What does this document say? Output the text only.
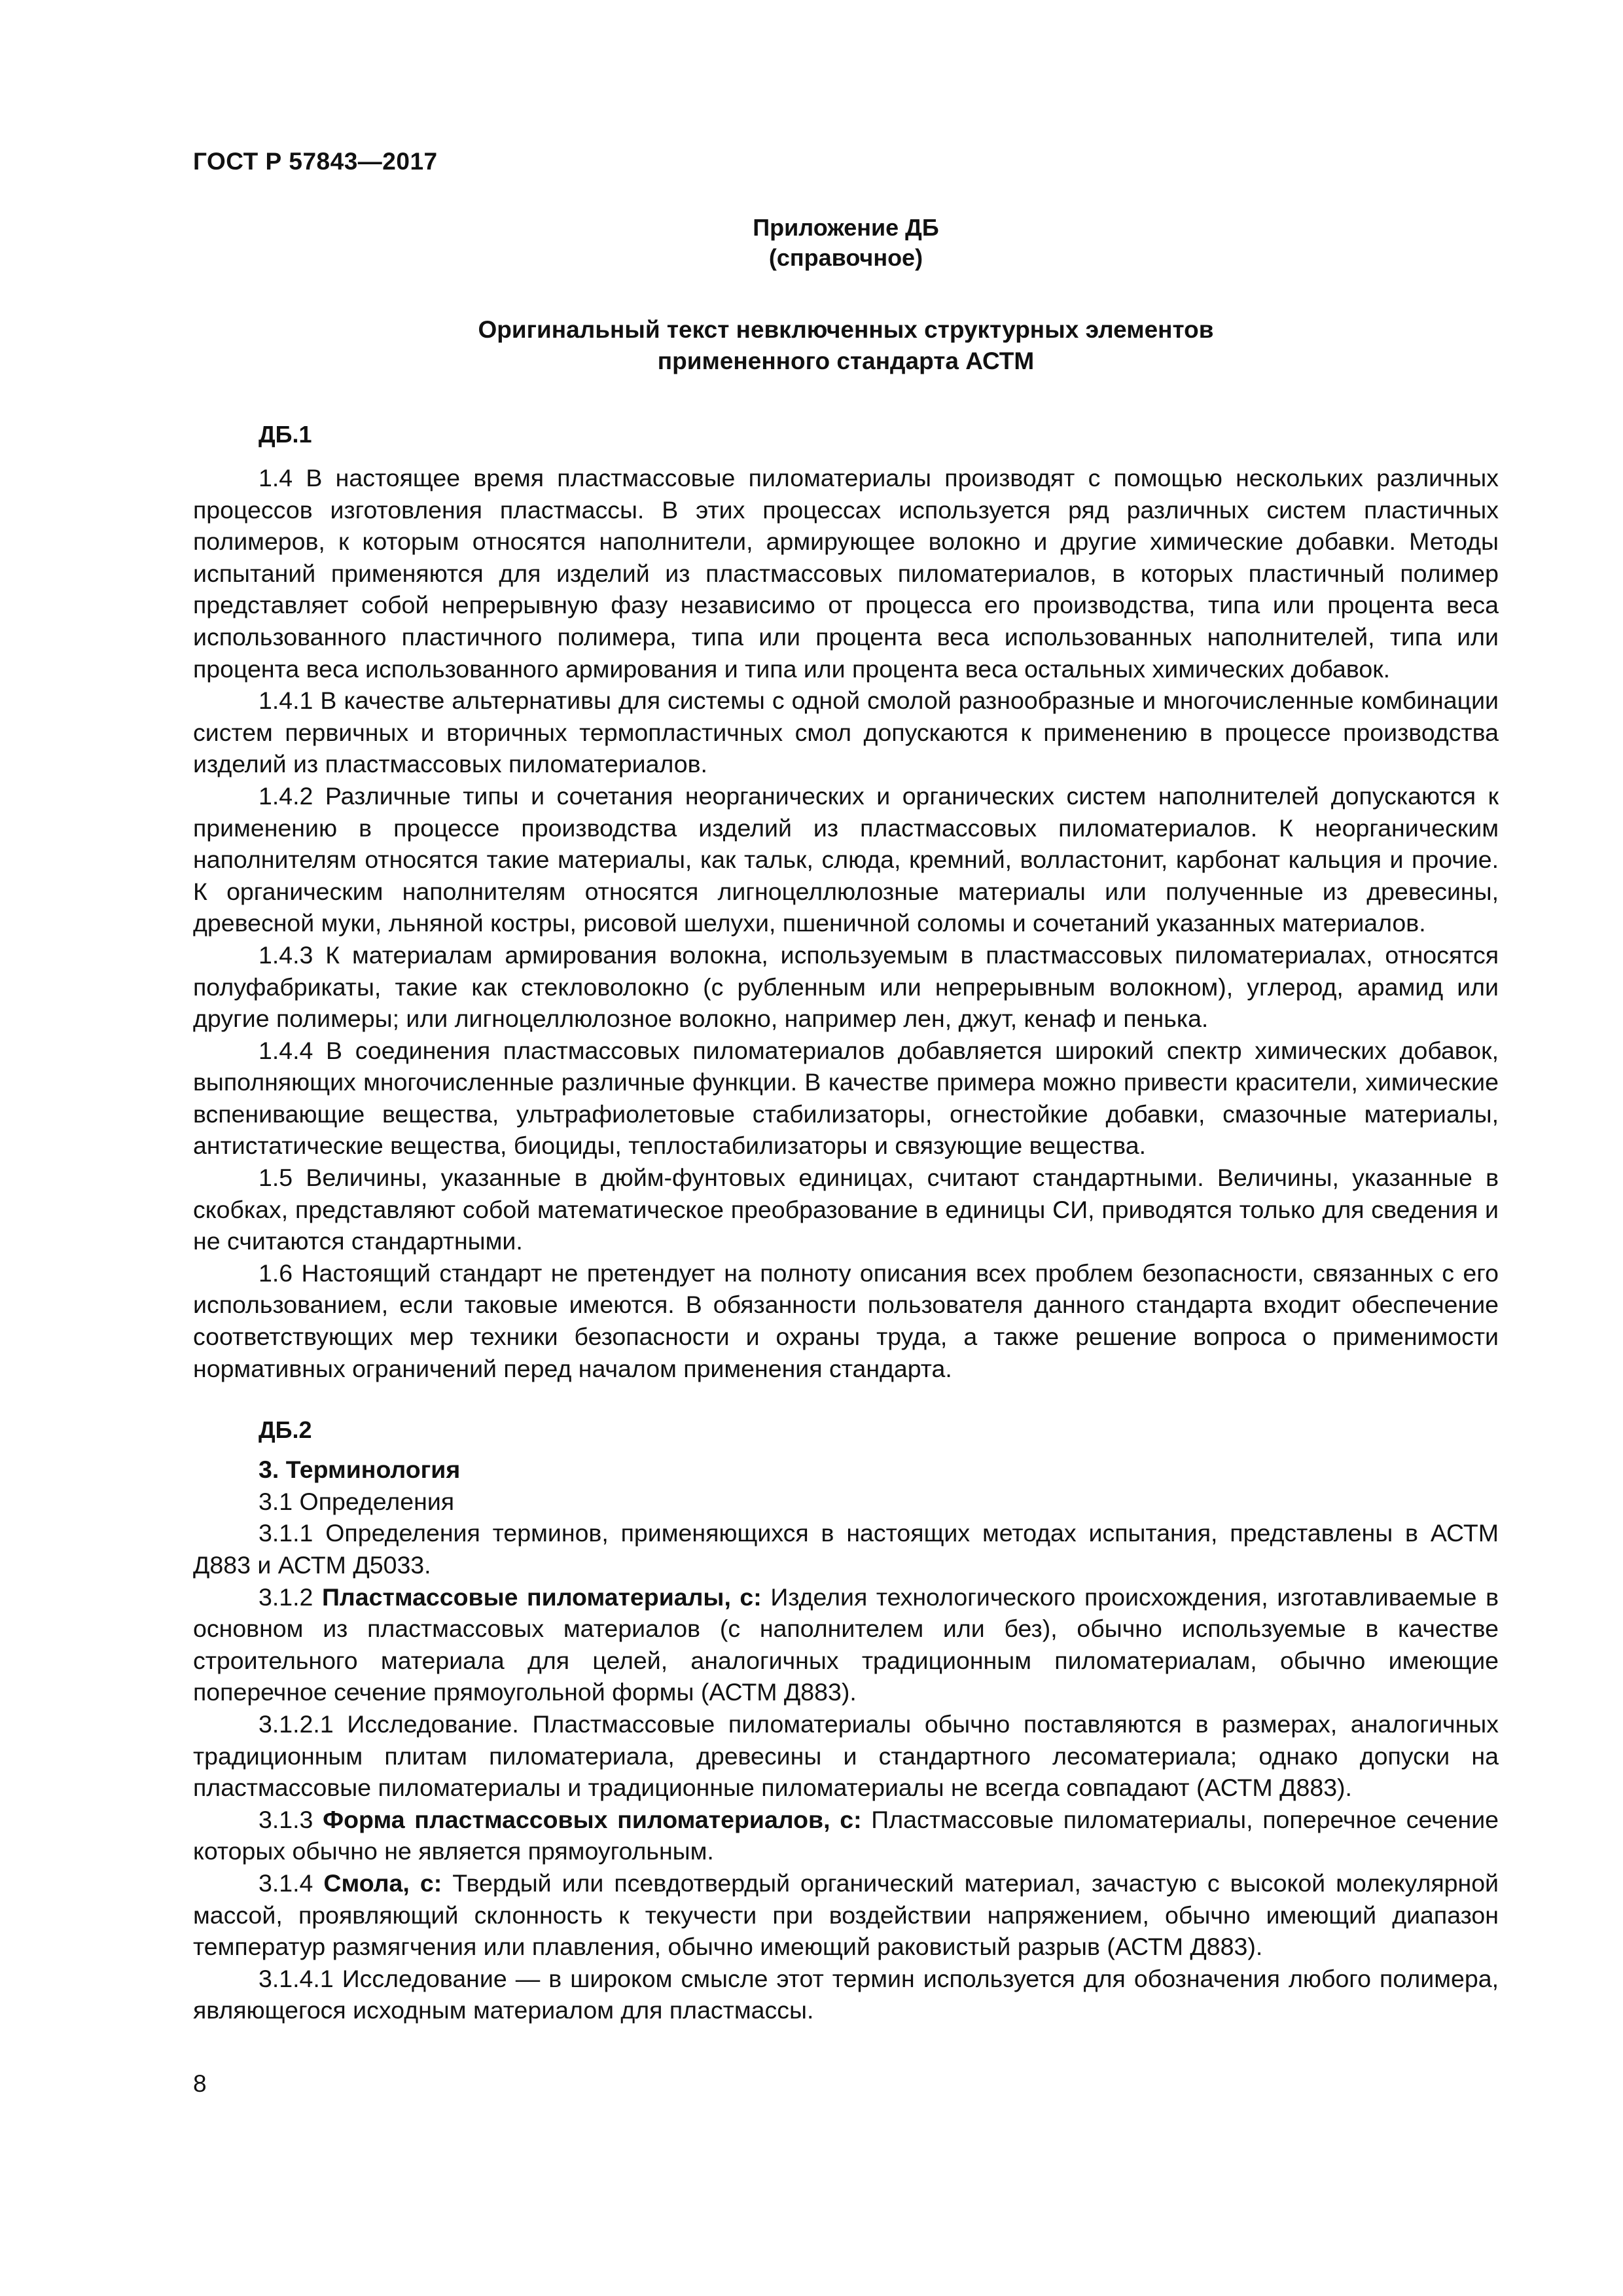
ГОСТ Р 57843—2017
Приложение ДБ
(справочное)
Оригинальный текст невключенных структурных элементов
примененного стандарта АСТМ
ДБ.1

1.4 В настоящее время пластмассовые пиломатериалы производят с помощью нескольких различных процессов изготовления пластмассы. В этих процессах используется ряд различных систем пластичных полимеров, к которым относятся наполнители, армирующее волокно и другие химические добавки. Методы испытаний применяются для изделий из пластмассовых пиломатериалов, в которых пластичный полимер представляет собой непрерывную фазу независимо от процесса его производства, типа или процента веса использованного пластичного полимера, типа или процента веса использованных наполнителей, типа или процента веса использованного армирования и типа или процента веса остальных химических добавок.

1.4.1 В качестве альтернативы для системы с одной смолой разнообразные и многочисленные комбинации систем первичных и вторичных термопластичных смол допускаются к применению в процессе производства изделий из пластмассовых пиломатериалов.

1.4.2 Различные типы и сочетания неорганических и органических систем наполнителей допускаются к применению в процессе производства изделий из пластмассовых пиломатериалов. К неорганическим наполнителям относятся такие материалы, как тальк, слюда, кремний, волластонит, карбонат кальция и прочие. К органическим наполнителям относятся лигноцеллюлозные материалы или полученные из древесины, древесной муки, льняной костры, рисовой шелухи, пшеничной соломы и сочетаний указанных материалов.

1.4.3 К материалам армирования волокна, используемым в пластмассовых пиломатериалах, относятся полуфабрикаты, такие как стекловолокно (с рубленным или непрерывным волокном), углерод, арамид или другие полимеры; или лигноцеллюлозное волокно, например лен, джут, кенаф и пенька.

1.4.4 В соединения пластмассовых пиломатериалов добавляется широкий спектр химических добавок, выполняющих многочисленные различные функции. В качестве примера можно привести красители, химические вспенивающие вещества, ультрафиолетовые стабилизаторы, огнестойкие добавки, смазочные материалы, антистатические вещества, биоциды, теплостабилизаторы и связующие вещества.

1.5 Величины, указанные в дюйм-фунтовых единицах, считают стандартными. Величины, указанные в скобках, представляют собой математическое преобразование в единицы СИ, приводятся только для сведения и не считаются стандартными.

1.6 Настоящий стандарт не претендует на полноту описания всех проблем безопасности, связанных с его использованием, если таковые имеются. В обязанности пользователя данного стандарта входит обеспечение соответствующих мер техники безопасности и охраны труда, а также решение вопроса о применимости нормативных ограничений перед началом применения стандарта.

ДБ.2

3. Терминология

3.1 Определения

3.1.1 Определения терминов, применяющихся в настоящих методах испытания, представлены в АСТМ Д883 и АСТМ Д5033.

3.1.2 Пластмассовые пиломатериалы, с: Изделия технологического происхождения, изготавливаемые в основном из пластмассовых материалов (с наполнителем или без), обычно используемые в качестве строительного материала для целей, аналогичных традиционным пиломатериалам, обычно имеющие поперечное сечение прямоугольной формы (АСТМ Д883).

3.1.2.1 Исследование. Пластмассовые пиломатериалы обычно поставляются в размерах, аналогичных традиционным плитам пиломатериала, древесины и стандартного лесоматериала; однако допуски на пластмассовые пиломатериалы и традиционные пиломатериалы не всегда совпадают (АСТМ Д883).

3.1.3 Форма пластмассовых пиломатериалов, с: Пластмассовые пиломатериалы, поперечное сечение которых обычно не является прямоугольным.

3.1.4 Смола, с: Твердый или псевдотвердый органический материал, зачастую с высокой молекулярной массой, проявляющий склонность к текучести при воздействии напряжением, обычно имеющий диапазон температур размягчения или плавления, обычно имеющий раковистый разрыв (АСТМ Д883).

3.1.4.1 Исследование — в широком смысле этот термин используется для обозначения любого полимера, являющегося исходным материалом для пластмассы.

8
